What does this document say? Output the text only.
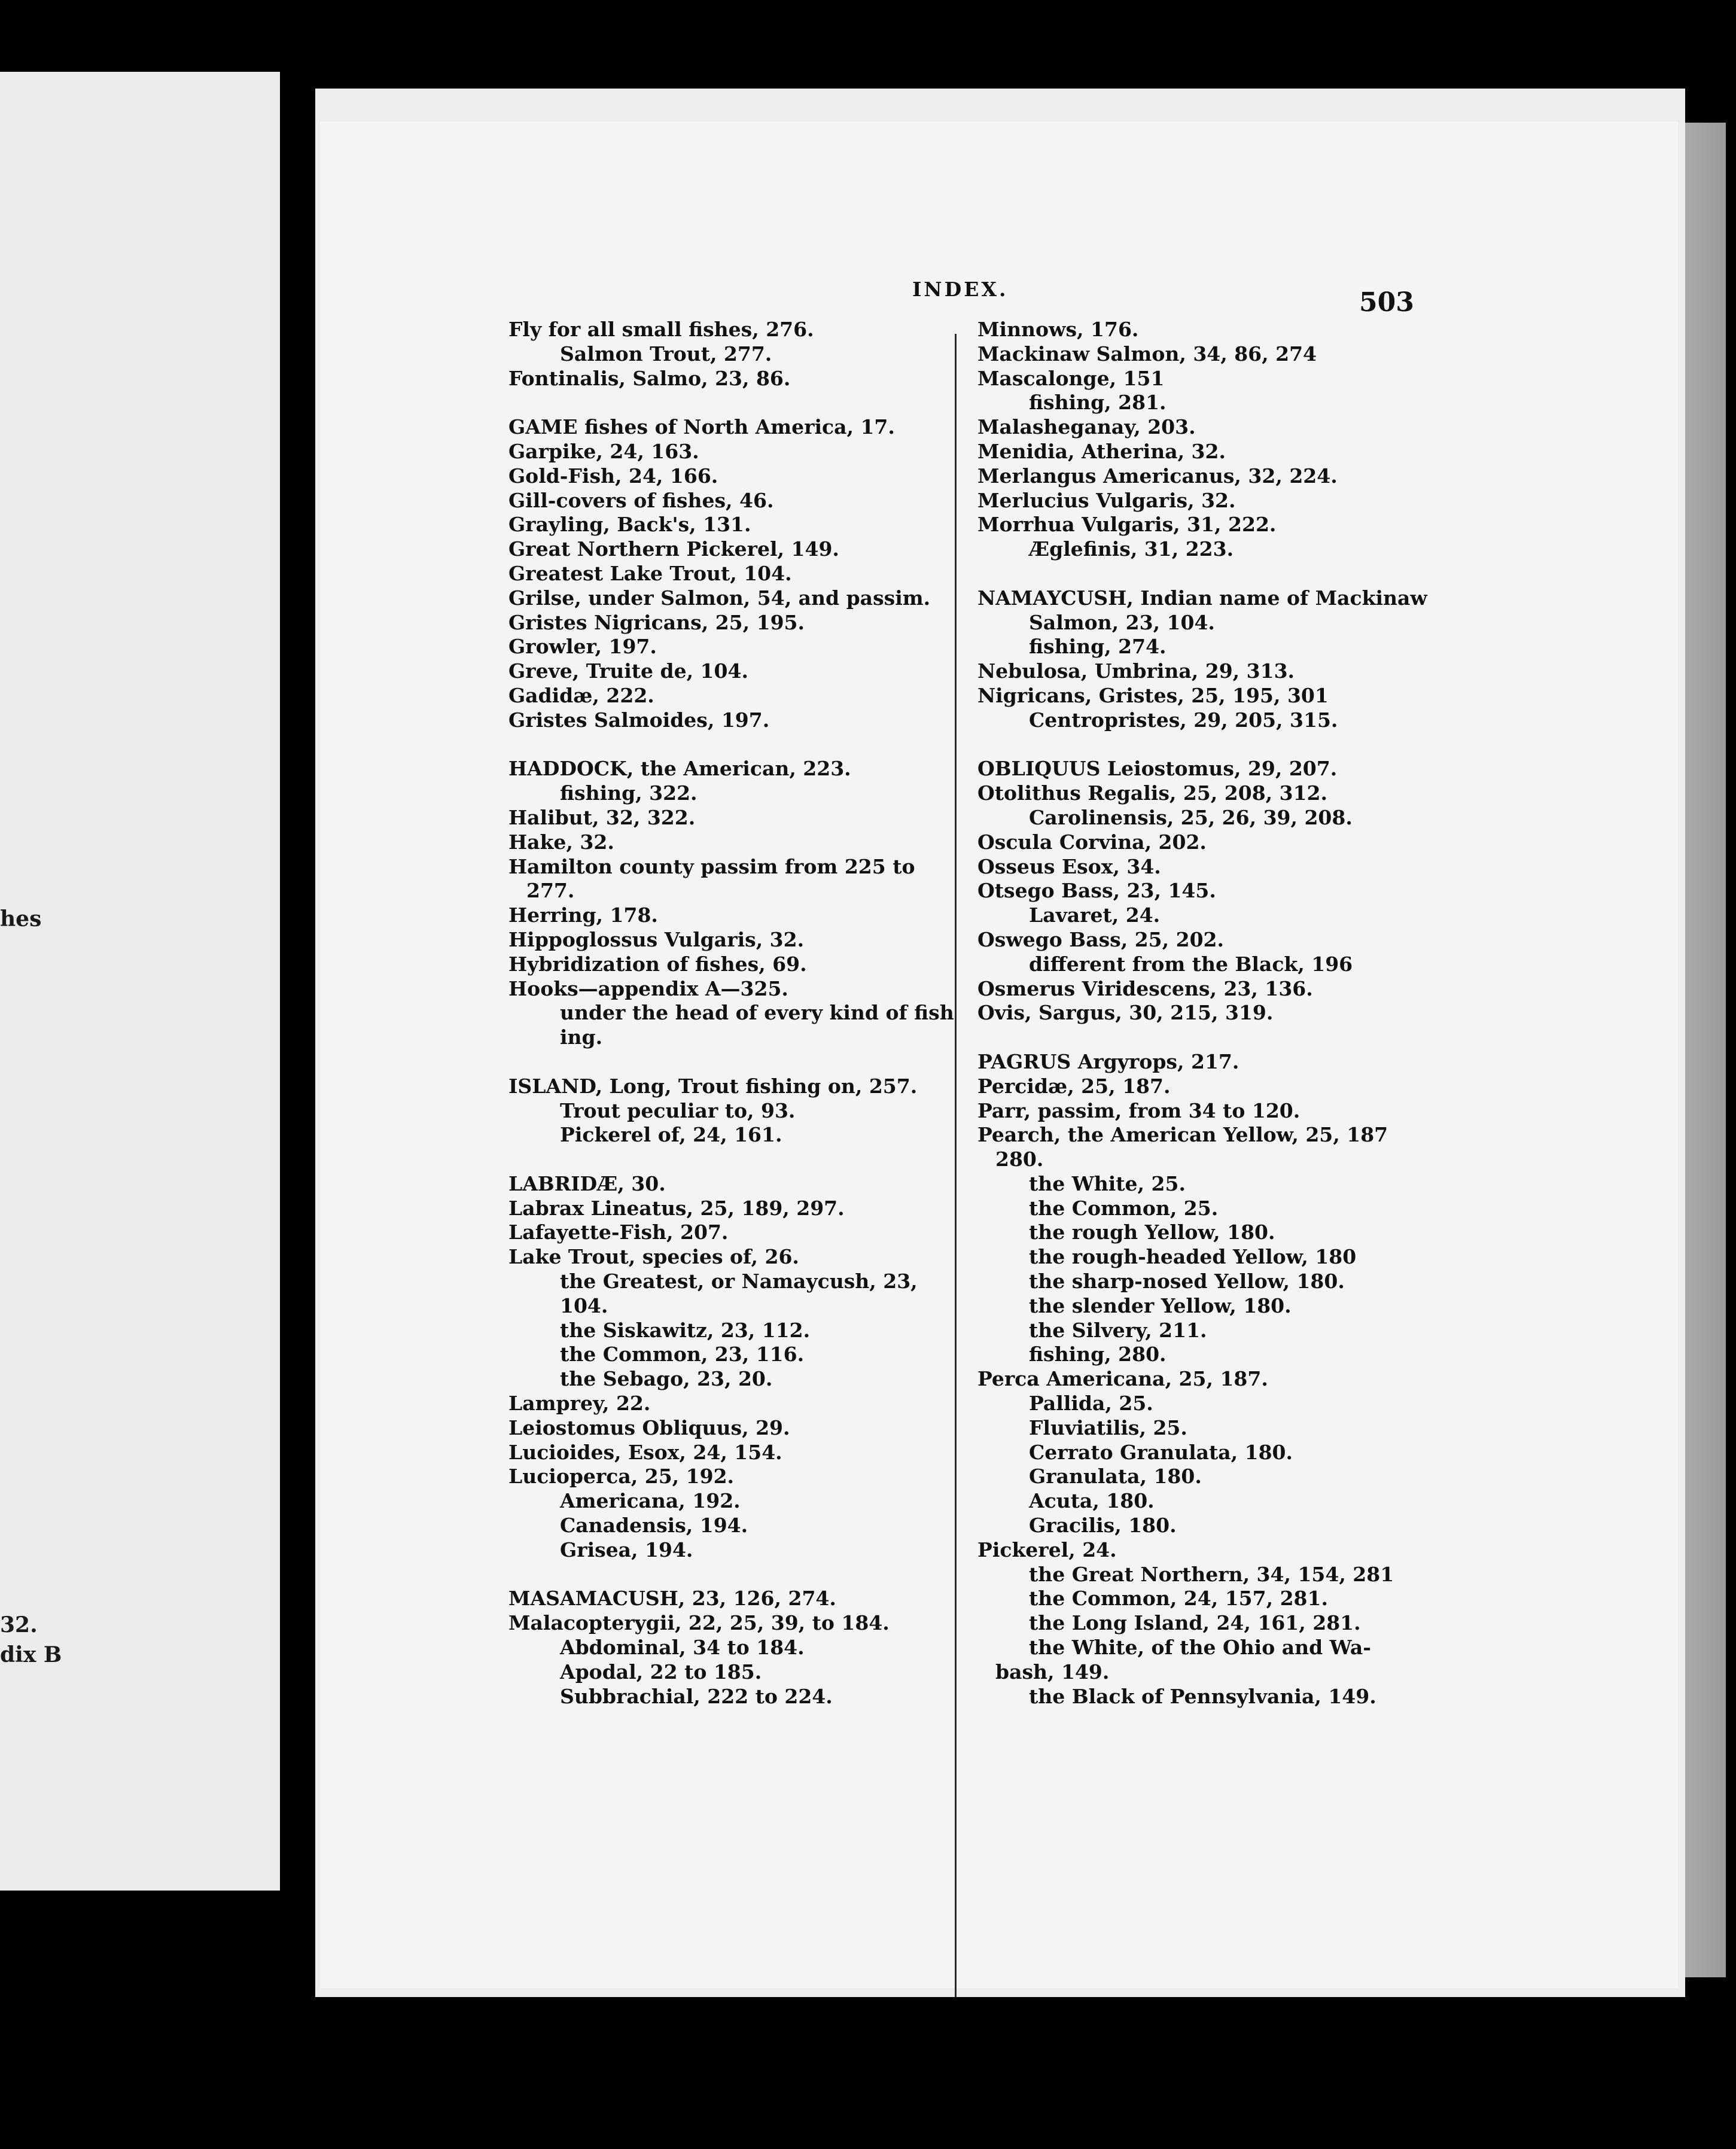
hes
32.
dix B
INDEX.	503
Fly for all small fishes, 276.
Salmon Trout, 277.
Fontinalis, Salmo, 23, 86.
GAME fishes of North America, 17.
Garpike, 24, 163.
Gold-Fish, 24, 166.
Gill-covers of fishes, 46.
Grayling, Back's, 131.
Great Northern Pickerel, 149.
Greatest Lake Trout, 104.
Grilse, under Salmon, 54, and passim.
Gristes Nigricans, 25, 195.
Growler, 197.
Greve, Truite de, 104.
Gadidæ, 222.
Gristes Salmoides, 197.
HADDOCK, the American, 223.
fishing, 322.
Halibut, 32, 322.
Hake, 32.
Hamilton county passim from 225 to
277.
Herring, 178.
Hippoglossus Vulgaris, 32.
Hybridization of fishes, 69.
Hooks—appendix A—325.
under the head of every kind of fish
ing.
ISLAND, Long, Trout fishing on, 257.
Trout peculiar to, 93.
Pickerel of, 24, 161.
LABRIDÆ, 30.
Labrax Lineatus, 25, 189, 297.
Lafayette-Fish, 207.
Lake Trout, species of, 26.
the Greatest, or Namaycush, 23,
104.
the Siskawitz, 23, 112.
the Common, 23, 116.
the Sebago, 23, 20.
Lamprey, 22.
Leiostomus Obliquus, 29.
Lucioides, Esox, 24, 154.
Lucioperca, 25, 192.
Americana, 192.
Canadensis, 194.
Grisea, 194.
MASAMACUSH, 23, 126, 274.
Malacopterygii, 22, 25, 39, to 184.
Abdominal, 34 to 184.
Apodal, 22 to 185.
Subbrachial, 222 to 224.
Minnows, 176.
Mackinaw Salmon, 34, 86, 274
Mascalonge, 151
fishing, 281.
Malasheganay, 203.
Menidia, Atherina, 32.
Merlangus Americanus, 32, 224.
Merlucius Vulgaris, 32.
Morrhua Vulgaris, 31, 222.
Æglefinis, 31, 223.
NAMAYCUSH, Indian name of Mackinaw
Salmon, 23, 104.
fishing, 274.
Nebulosa, Umbrina, 29, 313.
Nigricans, Gristes, 25, 195, 301
Centropristes, 29, 205, 315.
OBLIQUUS Leiostomus, 29, 207.
Otolithus Regalis, 25, 208, 312.
Carolinensis, 25, 26, 39, 208.
Oscula Corvina, 202.
Osseus Esox, 34.
Otsego Bass, 23, 145.
Lavaret, 24.
Oswego Bass, 25, 202.
different from the Black, 196
Osmerus Viridescens, 23, 136.
Ovis, Sargus, 30, 215, 319.
PAGRUS Argyrops, 217.
Percidæ, 25, 187.
Parr, passim, from 34 to 120.
Pearch, the American Yellow, 25, 187
280.
the White, 25.
the Common, 25.
the rough Yellow, 180.
the rough-headed Yellow, 180
the sharp-nosed Yellow, 180.
the slender Yellow, 180.
the Silvery, 211.
fishing, 280.
Perca Americana, 25, 187.
Pallida, 25.
Fluviatilis, 25.
Cerrato Granulata, 180.
Granulata, 180.
Acuta, 180.
Gracilis, 180.
Pickerel, 24.
the Great Northern, 34, 154, 281
the Common, 24, 157, 281.
the Long Island, 24, 161, 281.
the White, of the Ohio and Wa-
bash, 149.
the Black of Pennsylvania, 149.
